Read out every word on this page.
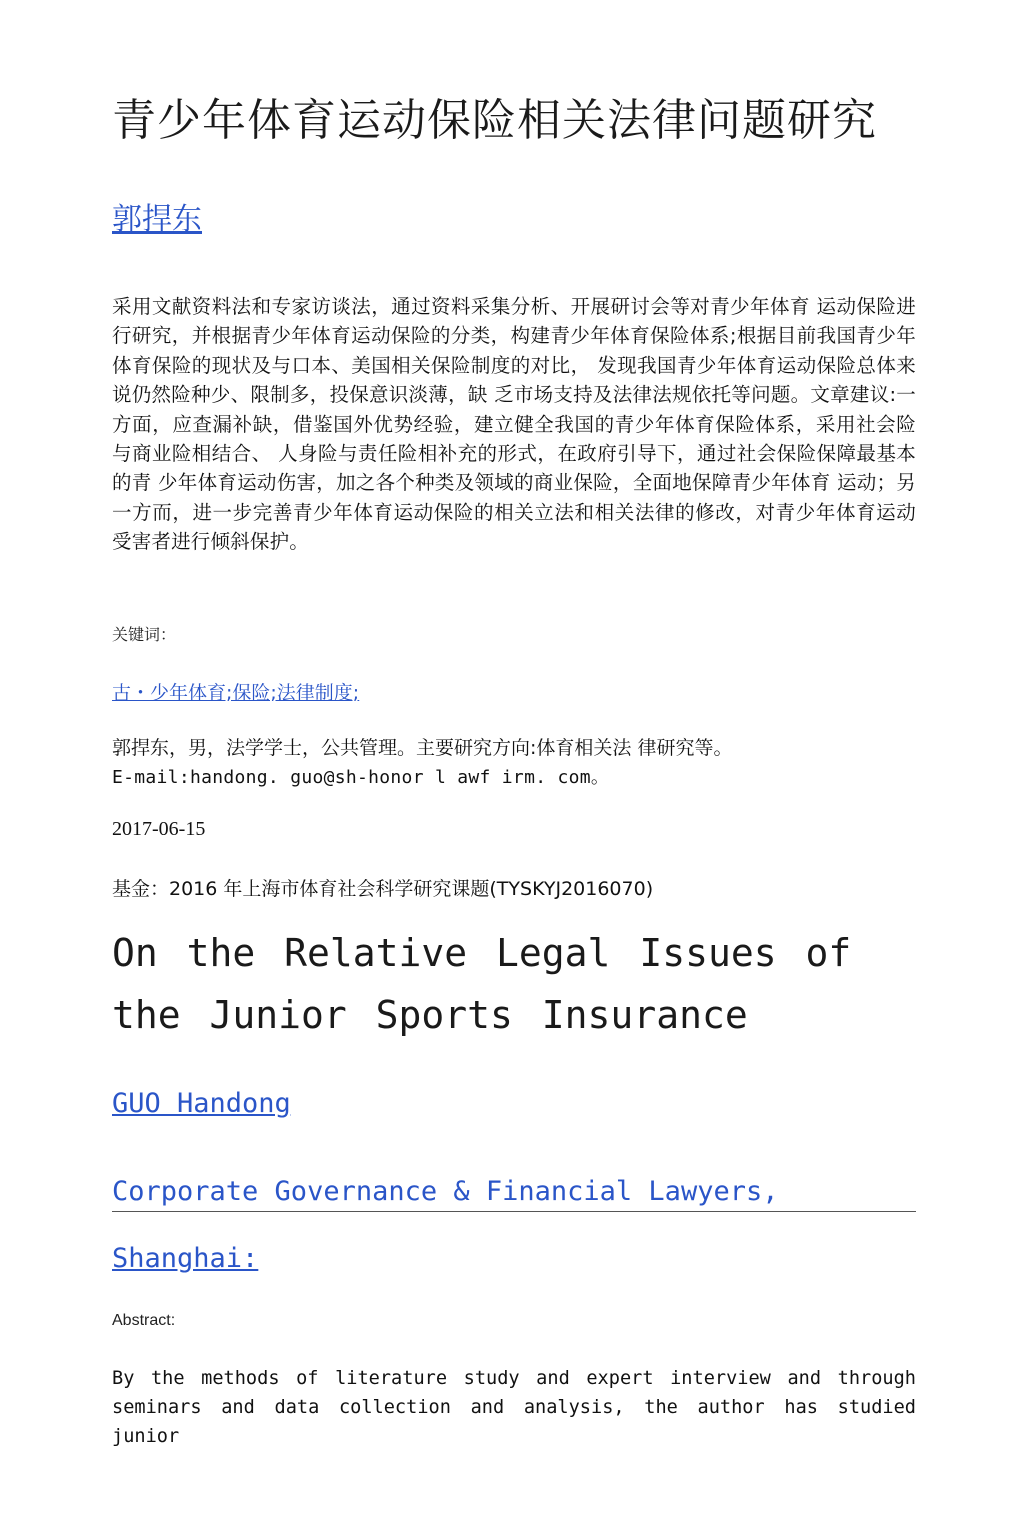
青少年体育运动保险相关法律问题研究
郭捍东
采用文献资料法和专家访谈法，通过资料采集分析、开展研讨会等对青少年体育 运动保险进行研究，并根据青少年体育运动保险的分类，构建青少年体育保险体系;根据目前我国青少年体育保险的现状及与口本、美国相关保险制度的对比， 发现我国青少年体育运动保险总体来说仍然险种少、限制多，投保意识淡薄，缺 乏市场支持及法律法规依托等问题。文章建议:一方面，应查漏补缺，借鉴国外优势经验，建立健全我国的青少年体育保险体系，采用社会险与商业险相结合、 人身险与责任险相补充的形式，在政府引导下，通过社会保险保障最基本的青 少年体育运动伤害，加之各个种类及领域的商业保险，全面地保障青少年体育 运动；另一方而，进一步完善青少年体育运动保险的相关立法和相关法律的修改，对青少年体育运动受害者进行倾斜保护。
关键词：
古・少年体育;保险;法律制度;
郭捍东，男，法学学士，公共管理。主要研究方向:体育相关法 律研究等。
E-mail:handong. guo@sh-honor l awf irm. com。
2017-06-15
基金：2016 年上海市体育社会科学研究课题(TYSKYJ2016070)
On the Relative Legal Issues of the Junior Sports Insurance
GUO Handong
Corporate Governance & Financial Lawyers,
Shanghai:
Abstract:
By the methods of literature study and expert interview and through
seminars and data collection and analysis, the author has studied junior
